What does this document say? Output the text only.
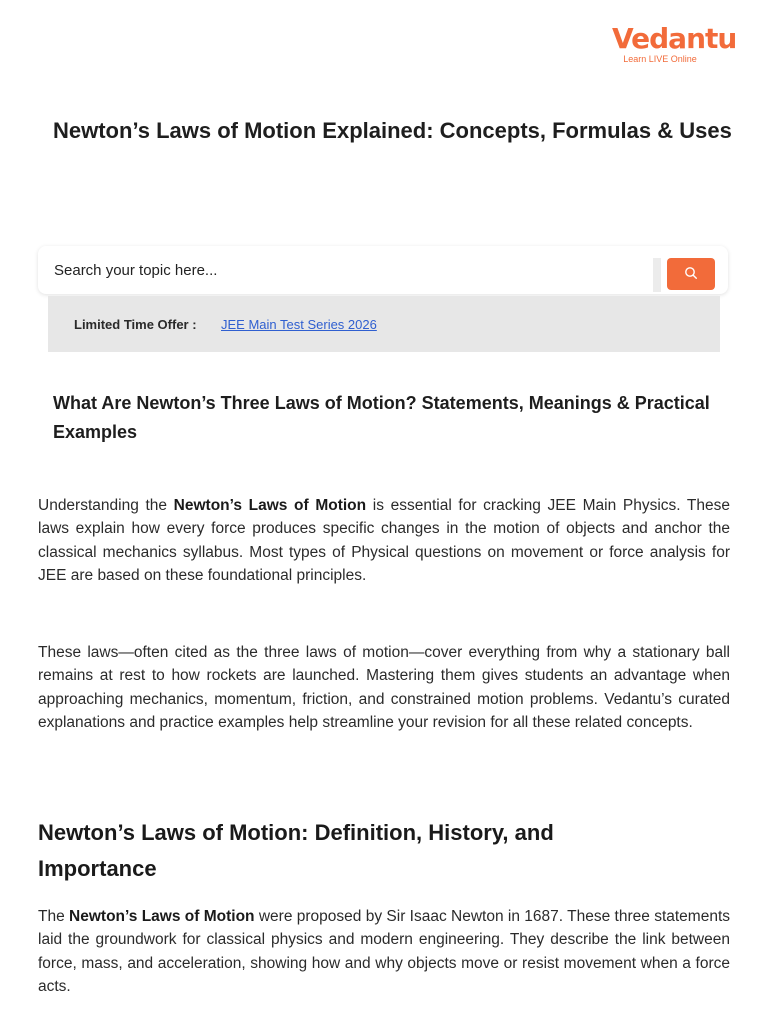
Vedantu
Learn LIVE Online
Newton’s Laws of Motion Explained: Concepts, Formulas & Uses
Search your topic here...
Limited Time Offer : JEE Main Test Series 2026
What Are Newton’s Three Laws of Motion? Statements, Meanings & Practical Examples

Understanding the Newton’s Laws of Motion is essential for cracking JEE Main Physics. These laws explain how every force produces specific changes in the motion of objects and anchor the classical mechanics syllabus. Most types of Physical questions on movement or force analysis for JEE are based on these foundational principles.

These laws—often cited as the three laws of motion—cover everything from why a stationary ball remains at rest to how rockets are launched. Mastering them gives students an advantage when approaching mechanics, momentum, friction, and constrained motion problems. Vedantu’s curated explanations and practice examples help streamline your revision for all these related concepts.

Newton’s Laws of Motion: Definition, History, and Importance

The Newton’s Laws of Motion were proposed by Sir Isaac Newton in 1687. These three statements laid the groundwork for classical physics and modern engineering. They describe the link between force, mass, and acceleration, showing how and why objects move or resist movement when a force acts.
